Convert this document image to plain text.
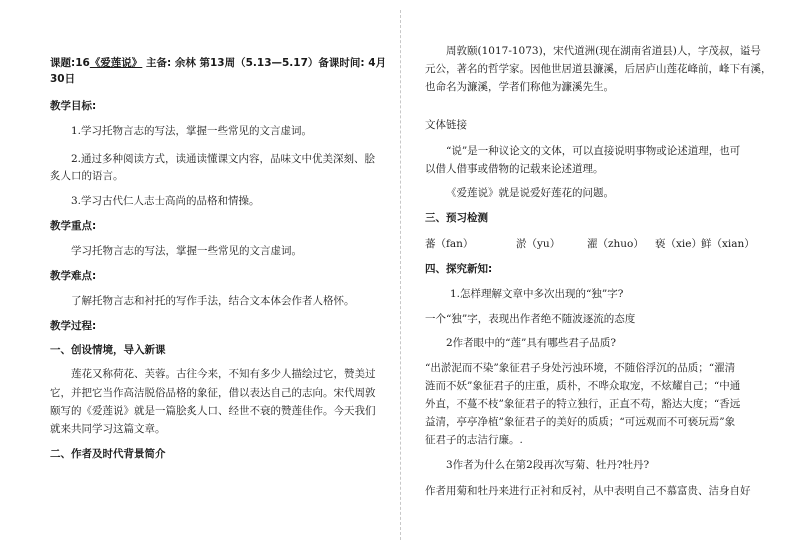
课题:16《爱莲说》 主备: 余林 第13周（5.13—5.17）备课时间: 4月
30日
教学目标:
1.学习托物言志的写法，掌握一些常见的文言虚词。
2.通过多种阅读方式，读通读懂课文内容，品味文中优美深刻、脍
炙人口的语言。
3.学习古代仁人志士高尚的品格和情操。
教学重点:
学习托物言志的写法，掌握一些常见的文言虚词。
教学难点:
了解托物言志和衬托的写作手法，结合文本体会作者人格怀。
教学过程:
一、创设情境，导入新课
莲花又称荷花、芙蓉。古往今来，不知有多少人描绘过它，赞美过
它，并把它当作高洁脱俗品格的象征，借以表达自己的志向。宋代周敦
颐写的《爱莲说》就是一篇脍炙人口、经世不衰的赞莲佳作。今天我们
就来共同学习这篇文章。
二、作者及时代背景简介
周敦颐(1017-1073)，宋代道洲(现在湖南省道县)人，字茂叔，谥号
元公，著名的哲学家。因他世居道县濂溪，后居庐山莲花峰前，峰下有溪，
也命名为濂溪，学者们称他为濂溪先生。
文体链接
“说”是一种议论文的文体，可以直接说明事物或论述道理，也可
以借人借事或借物的记载来论述道理。
《爱莲说》就是说爱好莲花的问题。
三、预习检测
蕃（fan）	淤（yu）	濯（zhuo） 亵（xie） 鲜（xian）
四、探究新知:
1.怎样理解文章中多次出现的“独”字?
一个“独”字，表现出作者绝不随波逐流的态度
2作者眼中的“莲”具有哪些君子品质?
“出淤泥而不染”象征君子身处污浊环境，不随俗浮沉的品质；“濯清
涟而不妖”象征君子的庄重，质朴，不哗众取宠，不炫耀自己；“中通
外直，不蔓不枝”象征君子的特立独行，正直不苟，豁达大度；“香远
益清，亭亭净植”象征君子的美好的质质；“可远观而不可亵玩焉”象
征君子的志洁行廉。.
3作者为什么在第2段再次写菊、牡丹?牡丹?
作者用菊和牡丹来进行正衬和反衬，从中表明自己不慕富贵、洁身自好
